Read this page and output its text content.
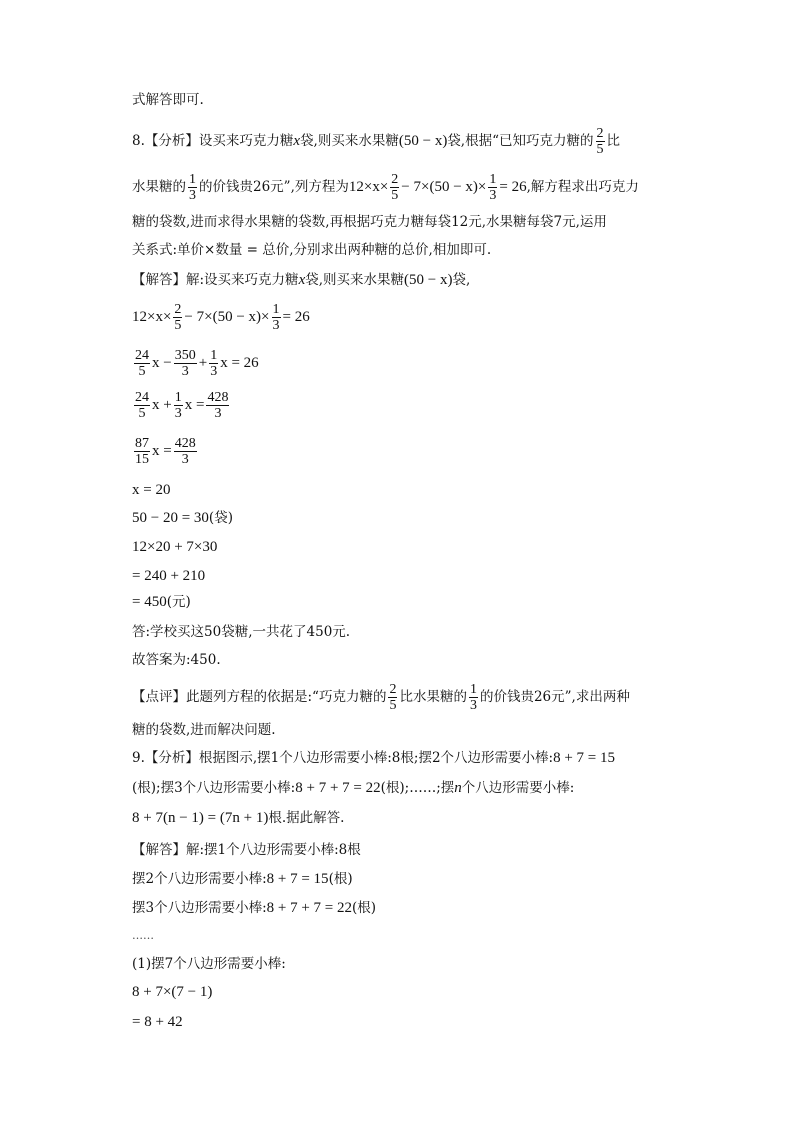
式解答即可.
8.【分析】设买来巧克力糖x袋,则买来水果糖(50 − x)袋,根据“已知巧克力糖的 $\frac{2}{5}$ 比
水果糖的 $\frac{1}{3}$ 的价钱贵26元”,列方程为$12\times x\times \frac{2}{5} - 7\times(50 - x)\times \frac{1}{3} = 26$,解方程求出巧克力
糖的袋数,进而求得水果糖的袋数,再根据巧克力糖每袋12元,水果糖每袋7元,运用
关系式:单价×数量 = 总价,分别求出两种糖的总价,相加即可.
【解答】解:设买来巧克力糖x袋,则买来水果糖(50 − x)袋,
$12\times x\times \frac{2}{5} - 7\times(50 - x)\times \frac{1}{3} = 26$
$\frac{24}{5}$ $x - \frac{350}{3} + \frac{1}{3}$ x = 26
$\frac{24}{5}$ $x + \frac{1}{3}$ $x = \frac{428}{3}$
$\frac{87}{15}$ $x = \frac{428}{3}$
x = 20
50 − 20 = 30(袋)
12×20 + 7×30
= 240 + 210
= 450(元)
答:学校买这50袋糖,一共花了450元.
故答案为:450.
【点评】此题列方程的依据是:“巧克力糖的 $\frac{2}{5}$ 比水果糖的 $\frac{1}{3}$ 的价钱贵26元”,求出两种
糖的袋数,进而解决问题.
9.【分析】根据图示,摆1个八边形需要小棒:8根;摆2个八边形需要小棒:8 + 7 = 15
(根);摆3个八边形需要小棒:8 + 7 + 7 = 22(根);……;摆n个八边形需要小棒:
8 + 7(n − 1) = (7n + 1)根.据此解答.
【解答】解:摆1个八边形需要小棒:8根
摆2个八边形需要小棒:8 + 7 = 15(根)
摆3个八边形需要小棒:8 + 7 + 7 = 22(根)
……
(1)摆7个八边形需要小棒:
8 + 7×(7 − 1)
= 8 + 42
